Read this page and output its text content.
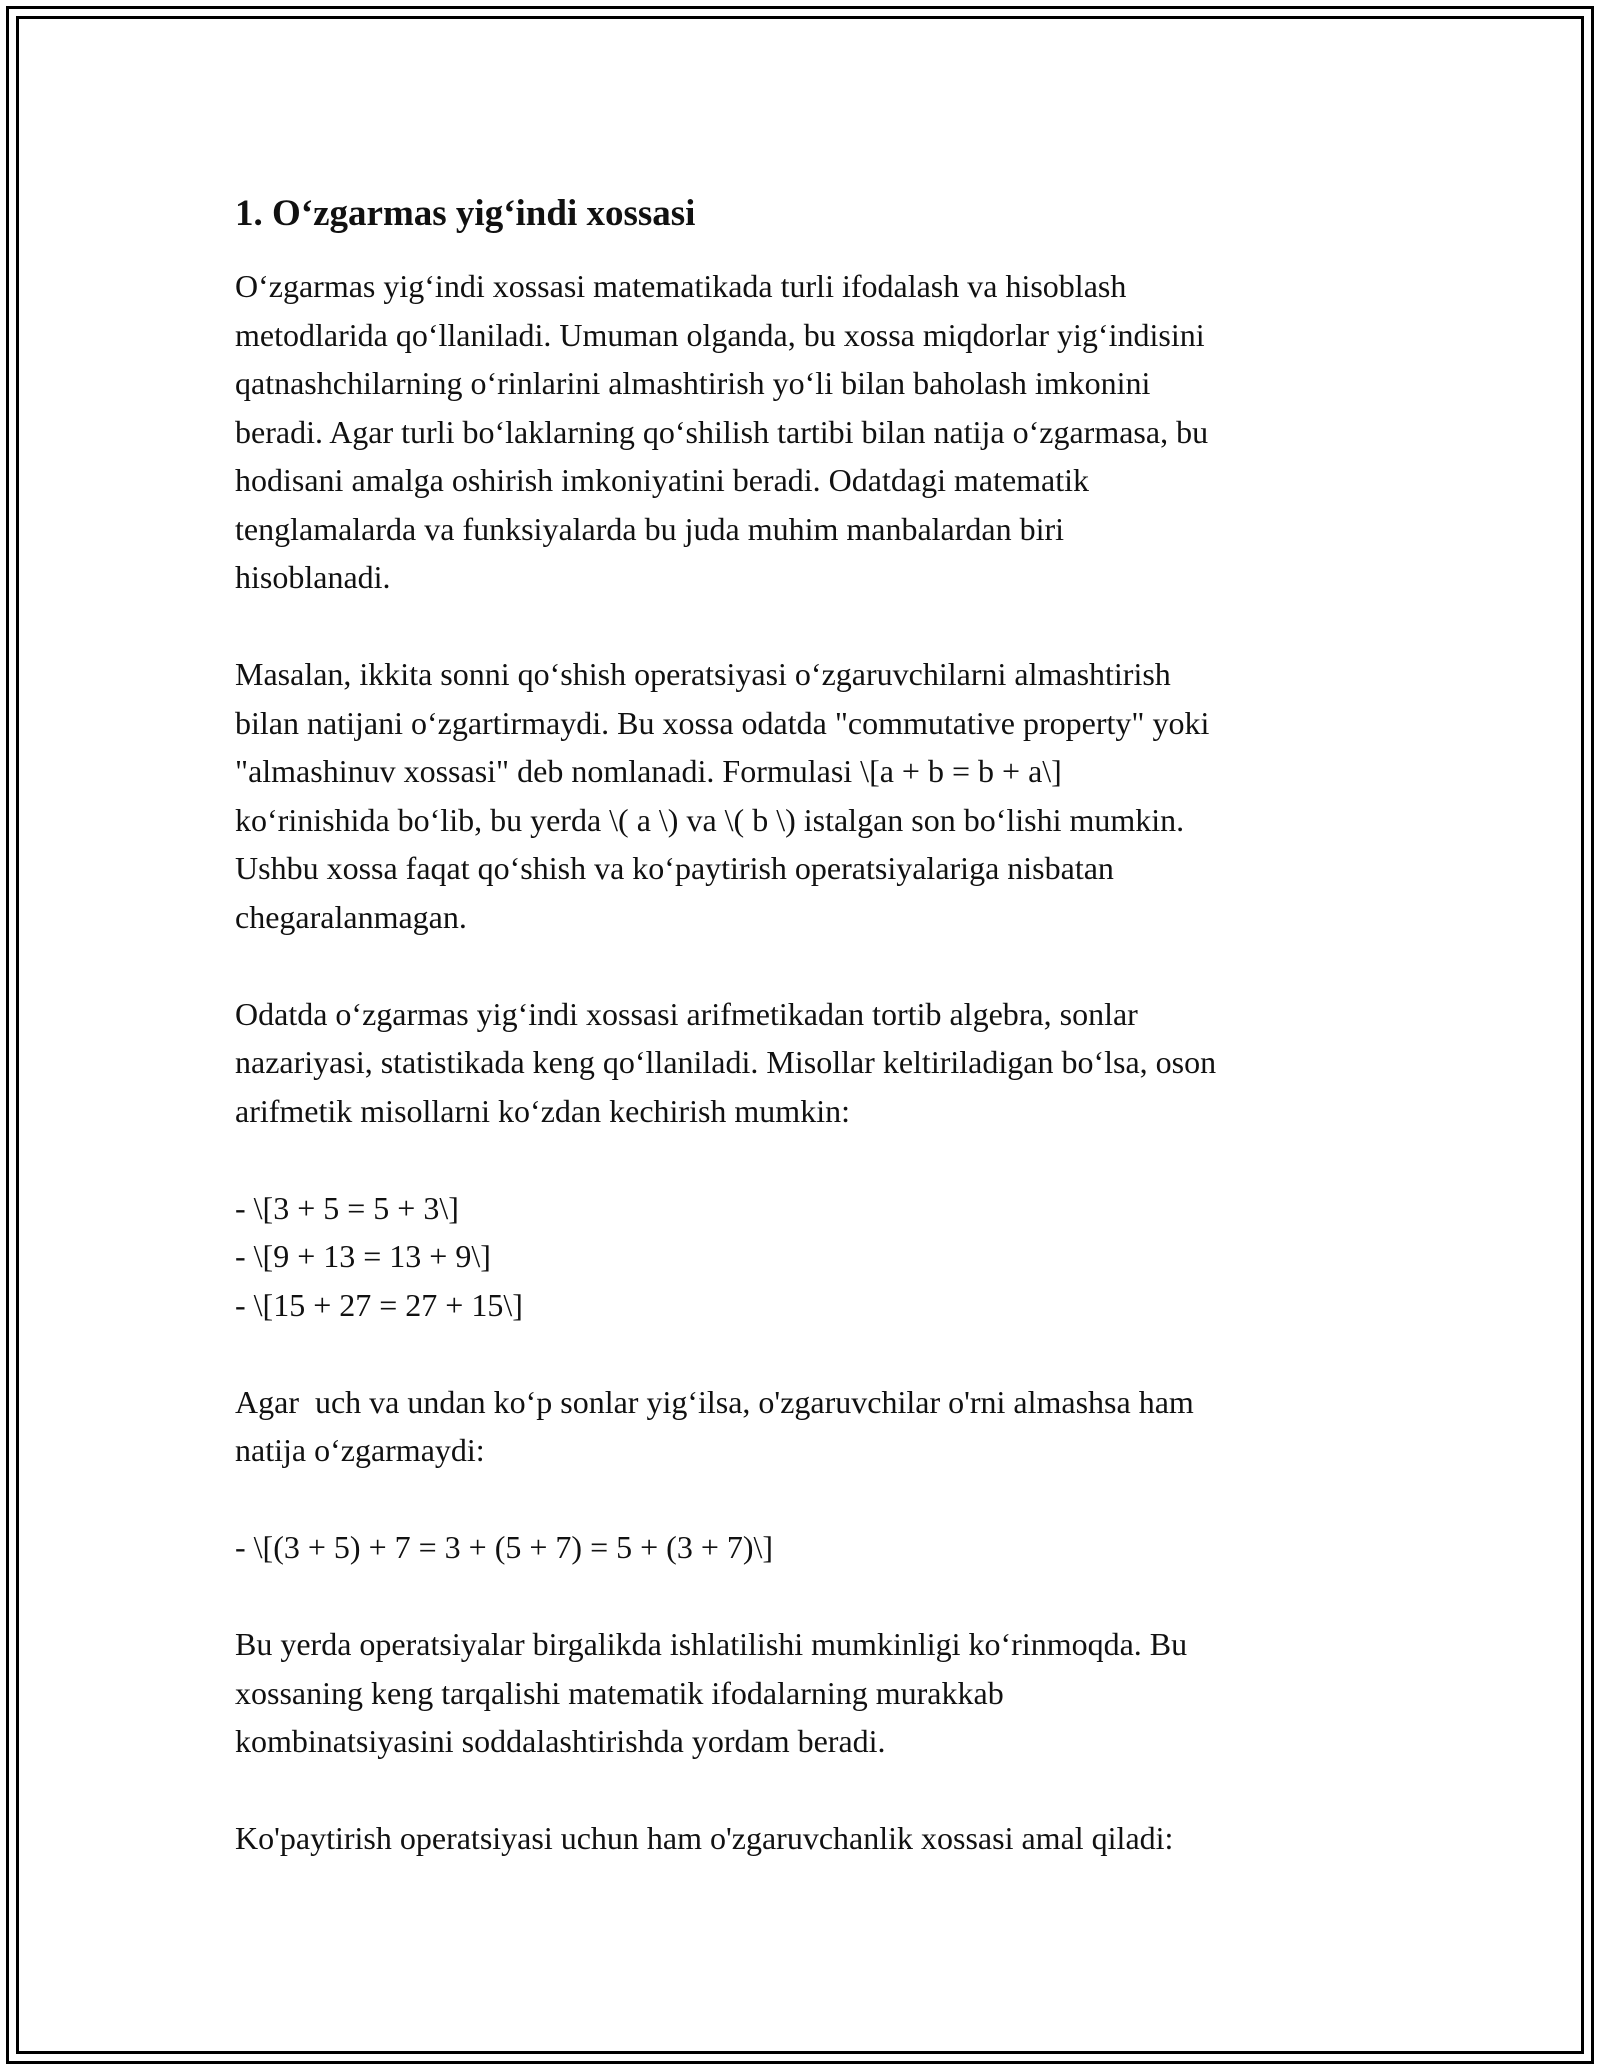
1. O‘zgarmas yig‘indi xossasi
O‘zgarmas yig‘indi xossasi matematikada turli ifodalash va hisoblash
metodlarida qo‘llaniladi. Umuman olganda, bu xossa miqdorlar yig‘indisini
qatnashchilarning o‘rinlarini almashtirish yo‘li bilan baholash imkonini
beradi. Agar turli bo‘laklarning qo‘shilish tartibi bilan natija o‘zgarmasa, bu
hodisani amalga oshirish imkoniyatini beradi. Odatdagi matematik
tenglamalarda va funksiyalarda bu juda muhim manbalardan biri
hisoblanadi.
Masalan, ikkita sonni qo‘shish operatsiyasi o‘zgaruvchilarni almashtirish
bilan natijani o‘zgartirmaydi. Bu xossa odatda "commutative property" yoki
"almashinuv xossasi" deb nomlanadi. Formulasi \[a + b = b + a\]
ko‘rinishida bo‘lib, bu yerda \( a \) va \( b \) istalgan son bo‘lishi mumkin.
Ushbu xossa faqat qo‘shish va ko‘paytirish operatsiyalariga nisbatan
chegaralanmagan.
Odatda o‘zgarmas yig‘indi xossasi arifmetikadan tortib algebra, sonlar
nazariyasi, statistikada keng qo‘llaniladi. Misollar keltiriladigan bo‘lsa, oson
arifmetik misollarni ko‘zdan kechirish mumkin:
- \[3 + 5 = 5 + 3\]
- \[9 + 13 = 13 + 9\]
- \[15 + 27 = 27 + 15\]
Agar  uch va undan ko‘p sonlar yig‘ilsa, o'zgaruvchilar o'rni almashsa ham
natija o‘zgarmaydi:
- \[(3 + 5) + 7 = 3 + (5 + 7) = 5 + (3 + 7)\]
Bu yerda operatsiyalar birgalikda ishlatilishi mumkinligi ko‘rinmoqda. Bu
xossaning keng tarqalishi matematik ifodalarning murakkab
kombinatsiyasini soddalashtirishda yordam beradi.
Ko'paytirish operatsiyasi uchun ham o'zgaruvchanlik xossasi amal qiladi:
